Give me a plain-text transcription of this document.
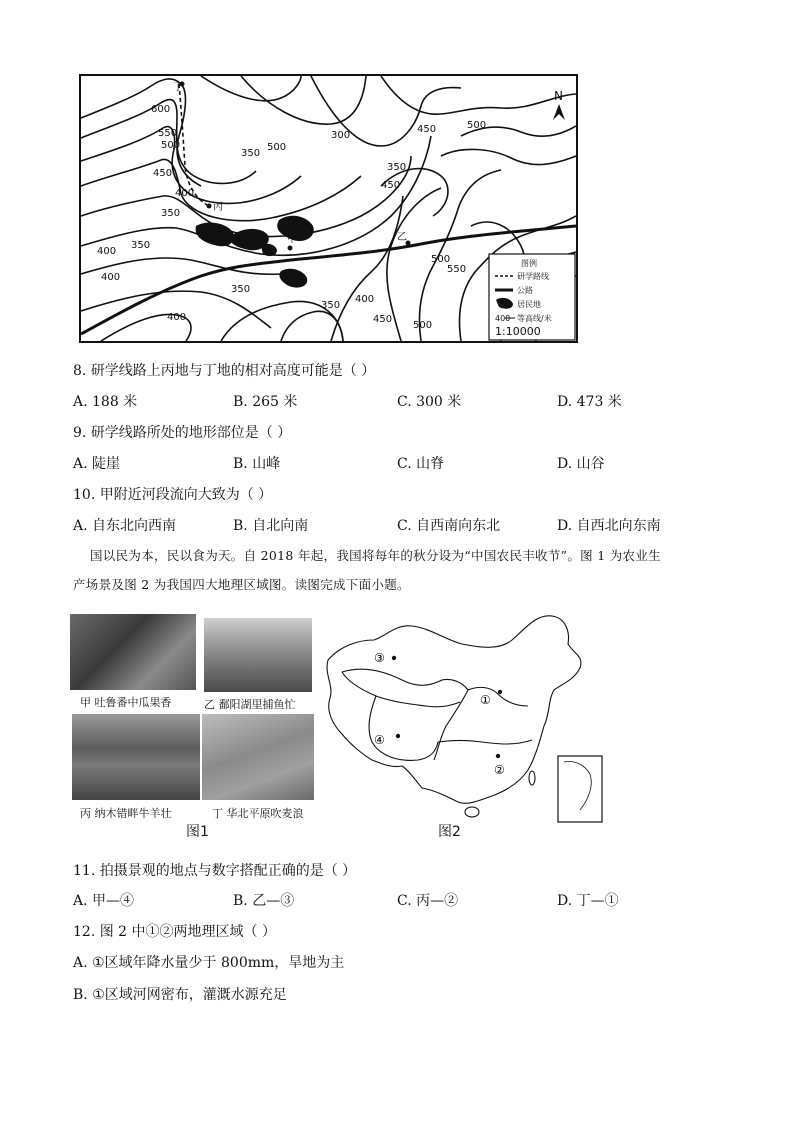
丁
丙
甲	乙
600
550
500
450
400
350
350
300
450	500
350
400
350
400
350
400
450
500
500
550
450
400
350
500
N
图例
研学路线
公路
居民地
400 等高线/米
1:10000
8. 研学线路上丙地与丁地的相对高度可能是（ ）
A. 188 米	B. 265 米	C. 300 米	D. 473 米
9. 研学线路所处的地形部位是（ ）
A. 陡崖	B. 山峰	C. 山脊	D. 山谷
10. 甲附近河段流向大致为（ ）
A. 自东北向西南	B. 自北向南	C. 自西南向东北	D. 自西北向东南
国以民为本，民以食为天。自 2018 年起，我国将每年的秋分设为“中国农民丰收节”。图 1 为农业生
产场景及图 2 为我国四大地理区域图。读图完成下面小题。
甲 吐鲁番中瓜果香	乙 鄱阳湖里捕鱼忙
丙 纳木错畔牛羊壮	丁 华北平原吹麦浪
图1
③
①
④
②
图2
11. 拍摄景观的地点与数字搭配正确的是（ ）
A. 甲—④	B. 乙—③	C. 丙—②	D. 丁—①
12. 图 2 中①②两地理区域（ ）
A. ①区域年降水量少于 800mm，旱地为主
B. ①区域河网密布，灌溉水源充足
